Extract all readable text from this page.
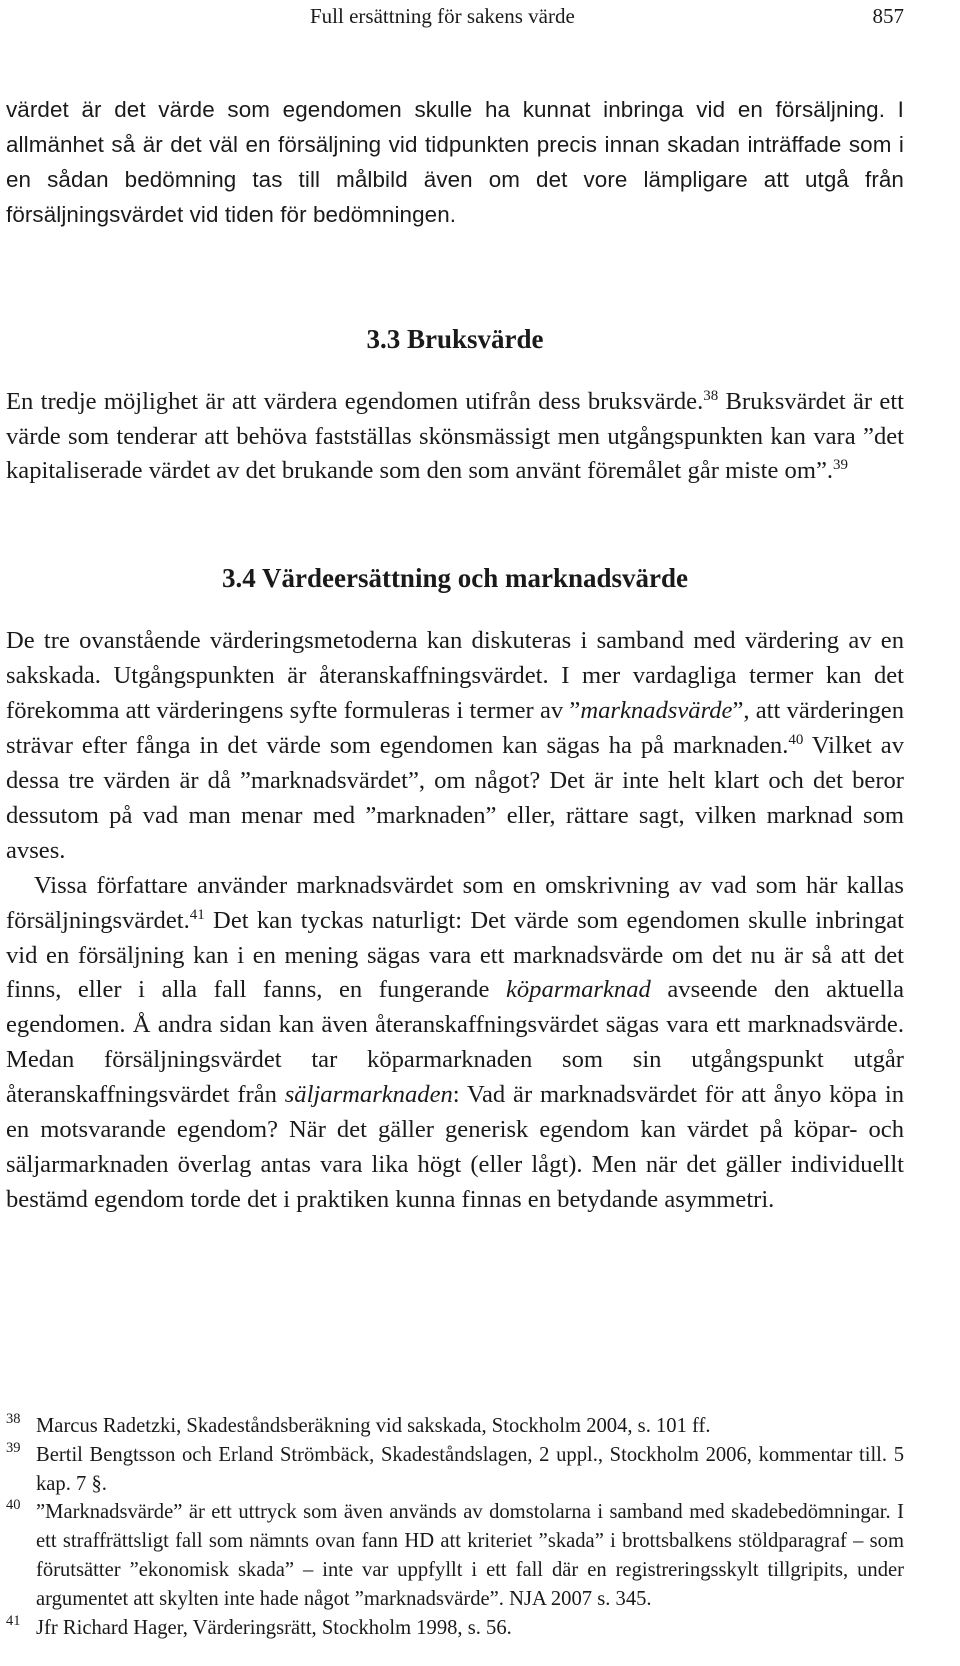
Full ersättning för sakens värde	857

värdet är det värde som egendomen skulle ha kunnat inbringa vid en försäljning. I allmänhet så är det väl en försäljning vid tidpunkten precis innan skadan inträffade som i en sådan bedömning tas till målbild även om det vore lämpligare att utgå från försäljningsvärdet vid tiden för bedömningen.

3.3 Bruksvärde

En tredje möjlighet är att värdera egendomen utifrån dess bruksvärde.$^{38}$ Bruksvärdet är ett värde som tenderar att behöva fastställas skönsmässigt men utgångspunkten kan vara ”det kapitaliserade värdet av det brukande som den som använt föremålet går miste om”.$^{39}$

3.4 Värdeersättning och marknadsvärde

De tre ovanstående värderingsmetoderna kan diskuteras i samband med värdering av en sakskada. Utgångspunkten är återanskaffningsvärdet. I mer vardagliga termer kan det förekomma att värderingens syfte formuleras i termer av ”marknadsvärde”, att värderingen strävar efter fånga in det värde som egendomen kan sägas ha på marknaden.$^{40}$ Vilket av dessa tre värden är då ”marknadsvärdet”, om något? Det är inte helt klart och det beror dessutom på vad man menar med ”marknaden” eller, rättare sagt, vilken marknad som avses.

Vissa författare använder marknadsvärdet som en omskrivning av vad som här kallas försäljningsvärdet.$^{41}$ Det kan tyckas naturligt: Det värde som egendomen skulle inbringat vid en försäljning kan i en mening sägas vara ett marknadsvärde om det nu är så att det finns, eller i alla fall fanns, en fungerande köparmarknad avseende den aktuella egendomen. Å andra sidan kan även återanskaffningsvärdet sägas vara ett marknadsvärde. Medan försäljningsvärdet tar köparmarknaden som sin utgångspunkt utgår återanskaffningsvärdet från säljarmarknaden: Vad är marknadsvärdet för att ånyo köpa in en motsvarande egendom? När det gäller generisk egendom kan värdet på köpar- och säljarmarknaden överlag antas vara lika högt (eller lågt). Men när det gäller individuellt bestämd egendom torde det i praktiken kunna finnas en betydande asymmetri.

38 Marcus Radetzki, Skadeståndsberäkning vid sakskada, Stockholm 2004, s. 101 ff.
39 Bertil Bengtsson och Erland Strömbäck, Skadeståndslagen, 2 uppl., Stockholm 2006, kommentar till. 5 kap. 7 §.
40 ”Marknadsvärde” är ett uttryck som även används av domstolarna i samband med skadebedömningar. I ett straffrättsligt fall som nämnts ovan fann HD att kriteriet ”skada” i brottsbalkens stöldparagraf – som förutsätter ”ekonomisk skada” – inte var uppfyllt i ett fall där en registreringsskylt tillgripits, under argumentet att skylten inte hade något ”marknadsvärde”. NJA 2007 s. 345.
41 Jfr Richard Hager, Värderingsrätt, Stockholm 1998, s. 56.
